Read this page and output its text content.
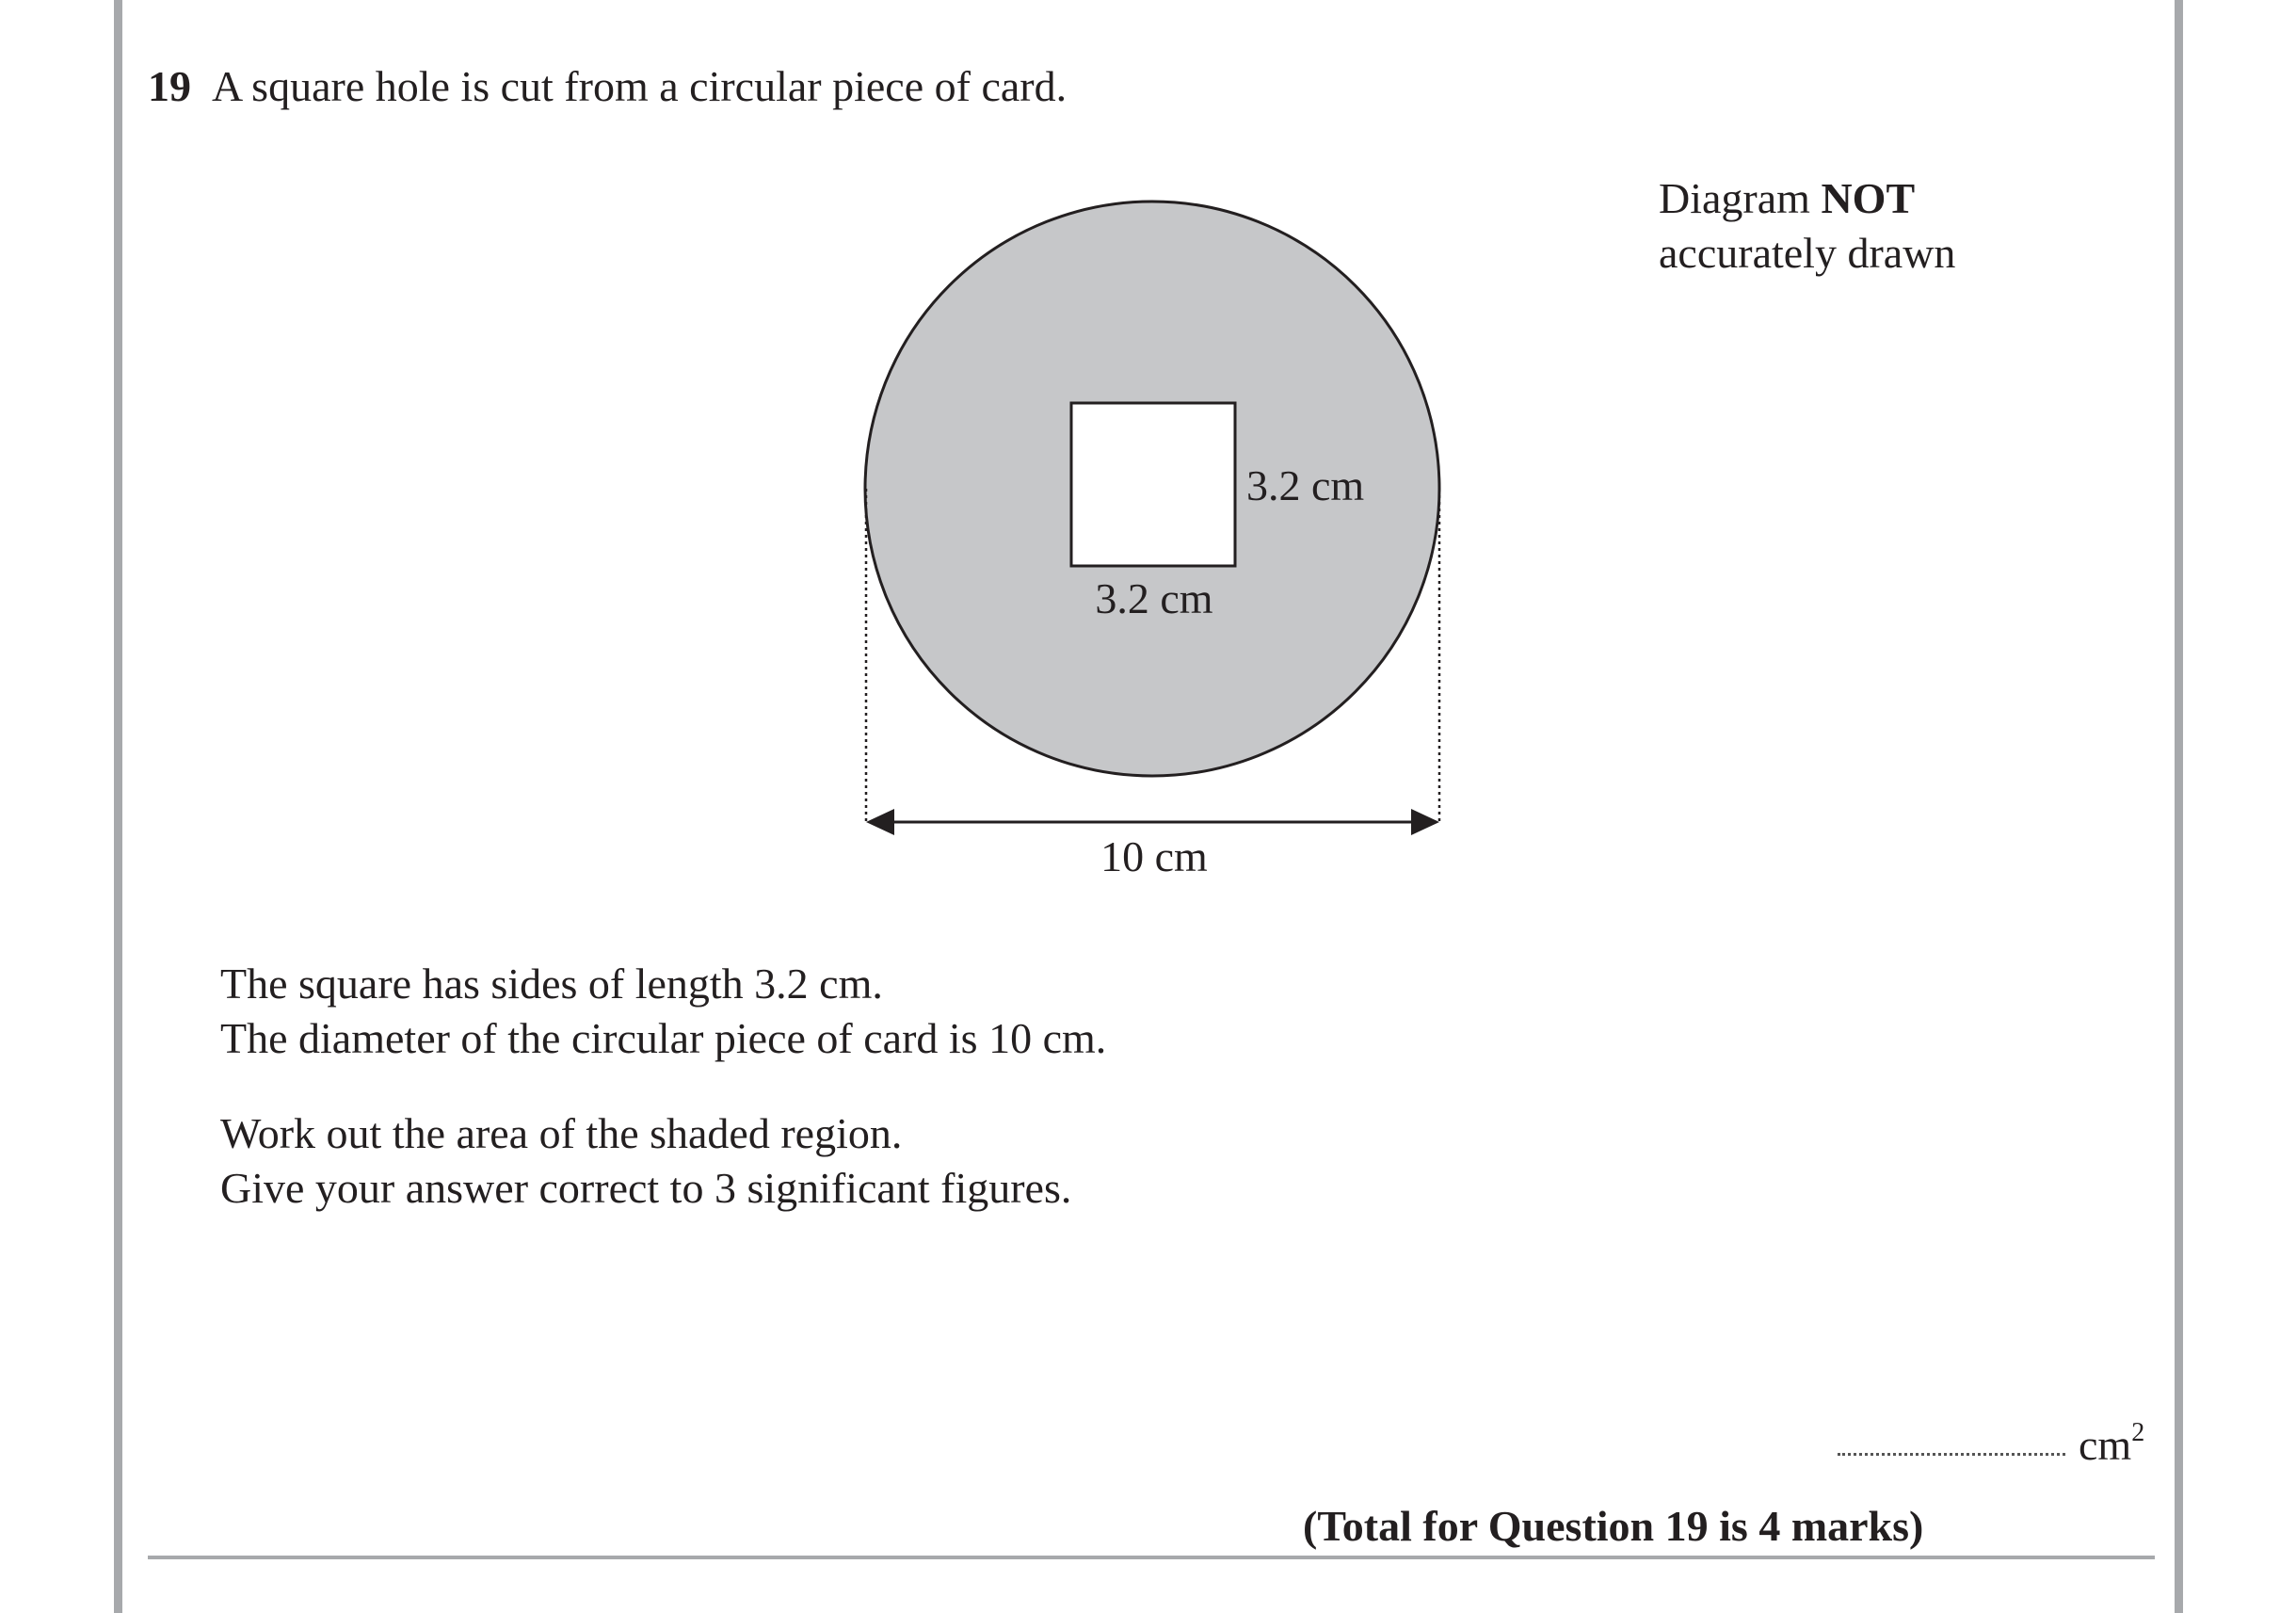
19 A square hole is cut from a circular piece of card.
Diagram NOT
accurately drawn
3.2 cm
3.2 cm
10 cm

The square has sides of length 3.2 cm.

The diameter of the circular piece of card is 10 cm.

Work out the area of the shaded region.

Give your answer correct to 3 significant figures.

$cm^2$
(Total for Question 19 is 4 marks)
